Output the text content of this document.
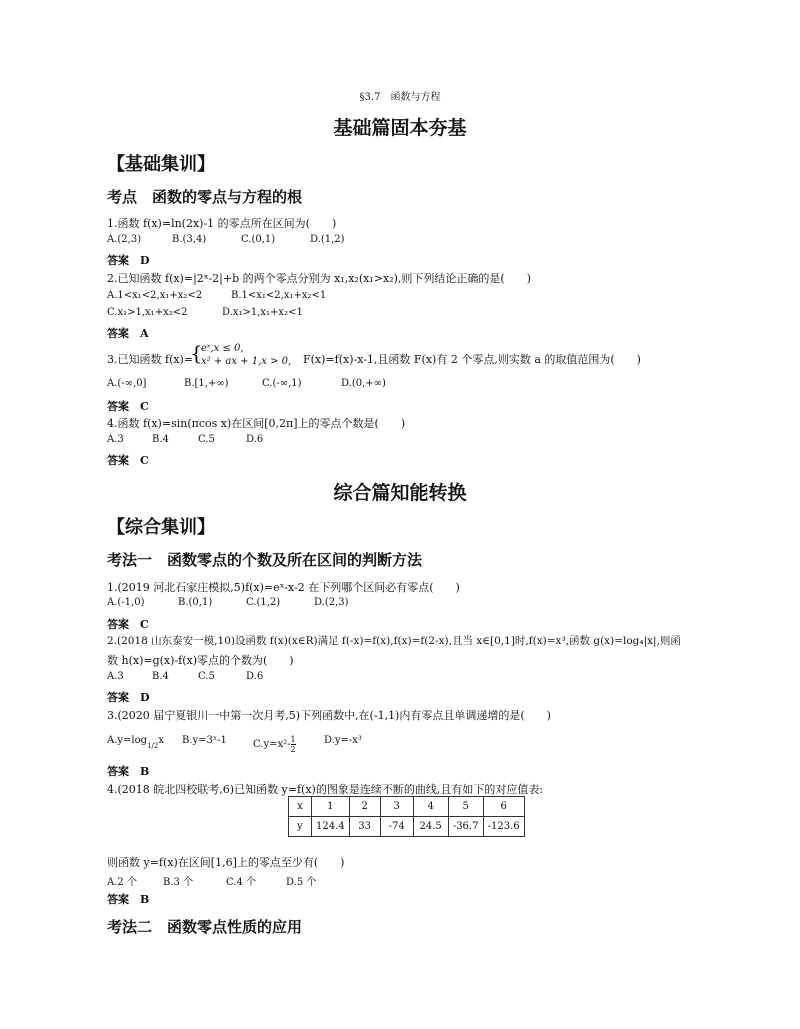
§3.7　函数与方程
基础篇固本夯基
【基础集训】
考点　函数的零点与方程的根
1.函数 f(x)=ln(2x)-1 的零点所在区间为(　　)
A.(2,3)	B.(3,4)	C.(0,1)	D.(1,2)
答案　D
2.已知函数 f(x)=|2ˣ-2|+b 的两个零点分别为 x₁,x₂(x₁>x₂),则下列结论正确的是(　　)
A.1<x₁<2,x₁+x₂<2	B.1<x₁<2,x₁+x₂<1
C.x₁>1,x₁+x₂<2	D.x₁>1,x₁+x₂<1
答案　A
3.已知函数 f(x)=
{
eˣ,x ≤ 0,
x² + ax + 1,x > 0, F(x)=f(x)-x-1,且函数 F(x)有 2 个零点,则实数 a 的取值范围为(　　)
A.(-∞,0]	B.[1,+∞)	C.(-∞,1)	D.(0,+∞)
答案　C
4.函数 f(x)=sin(πcos x)在区间[0,2π]上的零点个数是(　　)
A.3	B.4	C.5	D.6
答案　C
综合篇知能转换
【综合集训】
考法一　函数零点的个数及所在区间的判断方法
1.(2019 河北石家庄模拟,5)f(x)=eˣ-x-2 在下列哪个区间必有零点(　　)
A.(-1,0)	B.(0,1)	C.(1,2)	D.(2,3)
答案　C
2.(2018 山东泰安一模,10)设函数 f(x)(x∈R)满足 f(-x)=f(x),f(x)=f(2-x),且当 x∈[0,1]时,f(x)=x³,函数 g(x)=log₄|x|,则函
数 h(x)=g(x)-f(x)零点的个数为(　　)
A.3	B.4	C.5	D.6
答案　D
3.(2020 届宁夏银川一中第一次月考,5)下列函数中,在(-1,1)内有零点且单调递增的是(　　)
$A.y=\log_{1/2}x$ B.y=3ˣ-1	$C.y=x^2- \frac{1}{2}$	D.y=-x³
答案　B
4.(2018 皖北四校联考,6)已知函数 y=f(x)的图象是连续不断的曲线,且有如下的对应值表:
x	1	2	3	4	5	6
y	124.4	33	-74	24.5	-36.7	-123.6
则函数 y=f(x)在区间[1,6]上的零点至少有(　　)
A.2 个	B.3 个	C.4 个	D.5 个
答案　B
考法二　函数零点性质的应用
